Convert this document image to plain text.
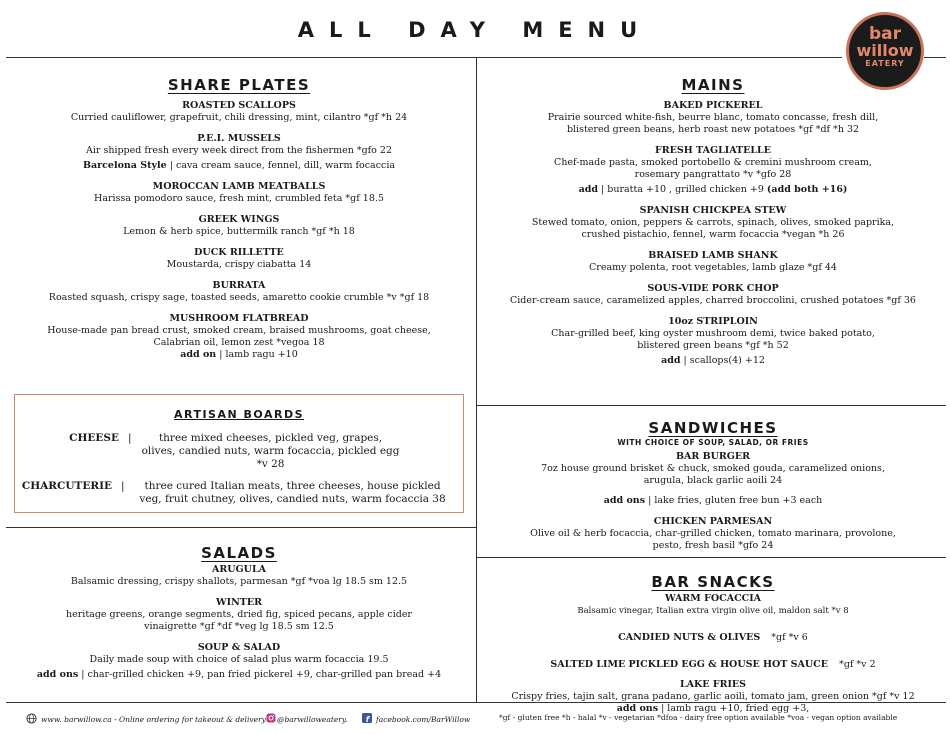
ALL DAY MENU	bar
willow
EATERY
SHARE PLATES
ROASTED SCALLOPS
Curried cauliflower, grapefruit, chili dressing, mint, cilantro *gf *h 24
P.E.I. MUSSELS
Air shipped fresh every week direct from the fishermen *gfo 22
Barcelona Style | cava cream sauce, fennel, dill, warm focaccia
MOROCCAN LAMB MEATBALLS
Harissa pomodoro sauce, fresh mint, crumbled feta *gf 18.5
GREEK WINGS
Lemon & herb spice, buttermilk ranch *gf *h 18
DUCK RILLETTE
Moustarda, crispy ciabatta 14
BURRATA
Roasted squash, crispy sage, toasted seeds, amaretto cookie crumble *v *gf 18
MUSHROOM FLATBREAD
House-made pan bread crust, smoked cream, braised mushrooms, goat cheese, Calabrian oil, lemon zest *vegoa 18
add on | lamb ragu +10
ARTISAN BOARDS
CHEESE |	three mixed cheeses, pickled veg, grapes, olives, candied nuts, warm focaccia, pickled egg *v 28
CHARCUTERIE |	three cured Italian meats, three cheeses, house pickled veg, fruit chutney, olives, candied nuts, warm focaccia 38
SALADS
ARUGULA
Balsamic dressing, crispy shallots, parmesan *gf *voa lg 18.5 sm 12.5
WINTER
heritage greens, orange segments, dried fig, spiced pecans, apple cider vinaigrette *gf *df *veg lg 18.5 sm 12.5
SOUP & SALAD
Daily made soup with choice of salad plus warm focaccia 19.5
add ons | char-grilled chicken +9, pan fried pickerel +9, char-grilled pan bread +4
MAINS
BAKED PICKEREL
Prairie sourced white-fish, beurre blanc, tomato concasse, fresh dill, blistered green beans, herb roast new potatoes *gf *df *h 32
FRESH TAGLIATELLE
Chef-made pasta, smoked portobello & cremini mushroom cream, rosemary pangrattato *v *gfo 28
add | buratta +10 , grilled chicken +9 (add both +16)
SPANISH CHICKPEA STEW
Stewed tomato, onion, peppers & carrots, spinach, olives, smoked paprika, crushed pistachio, fennel, warm focaccia *vegan *h 26
BRAISED LAMB SHANK
Creamy polenta, root vegetables, lamb glaze *gf 44
SOUS-VIDE PORK CHOP
Cider-cream sauce, caramelized apples, charred broccolini, crushed potatoes *gf 36
10oz STRIPLOIN
Char-grilled beef, king oyster mushroom demi, twice baked potato, blistered green beans *gf *h 52
add | scallops(4) +12
SANDWICHES
WITH CHOICE OF SOUP, SALAD, OR FRIES
BAR BURGER
7oz house ground brisket & chuck, smoked gouda, caramelized onions, arugula, black garlic aoili 24
add ons | lake fries, gluten free bun +3 each
CHICKEN PARMESAN
Olive oil & herb focaccia, char-grilled chicken, tomato marinara, provolone, pesto, fresh basil *gfo 24
BAR SNACKS
WARM FOCACCIA
Balsamic vinegar, Italian extra virgin olive oil, maldon salt *v 8
CANDIED NUTS & OLIVES *gf *v 6
SALTED LIME PICKLED EGG & HOUSE HOT SAUCE *gf *v 2
LAKE FRIES
Crispy fries, tajin salt, grana padano, garlic aoili, tomato jam, green onion *gf *v 12
add ons | lamb ragu +10, fried egg +3,
www. barwillow.ca - Online ordering for takeout & delivery @barwilloweatery. f facebook.com/BarWillow	*gf - gluten free *h - halal *v - vegetarian *dfoa - dairy free option available *voa - vegan option available
